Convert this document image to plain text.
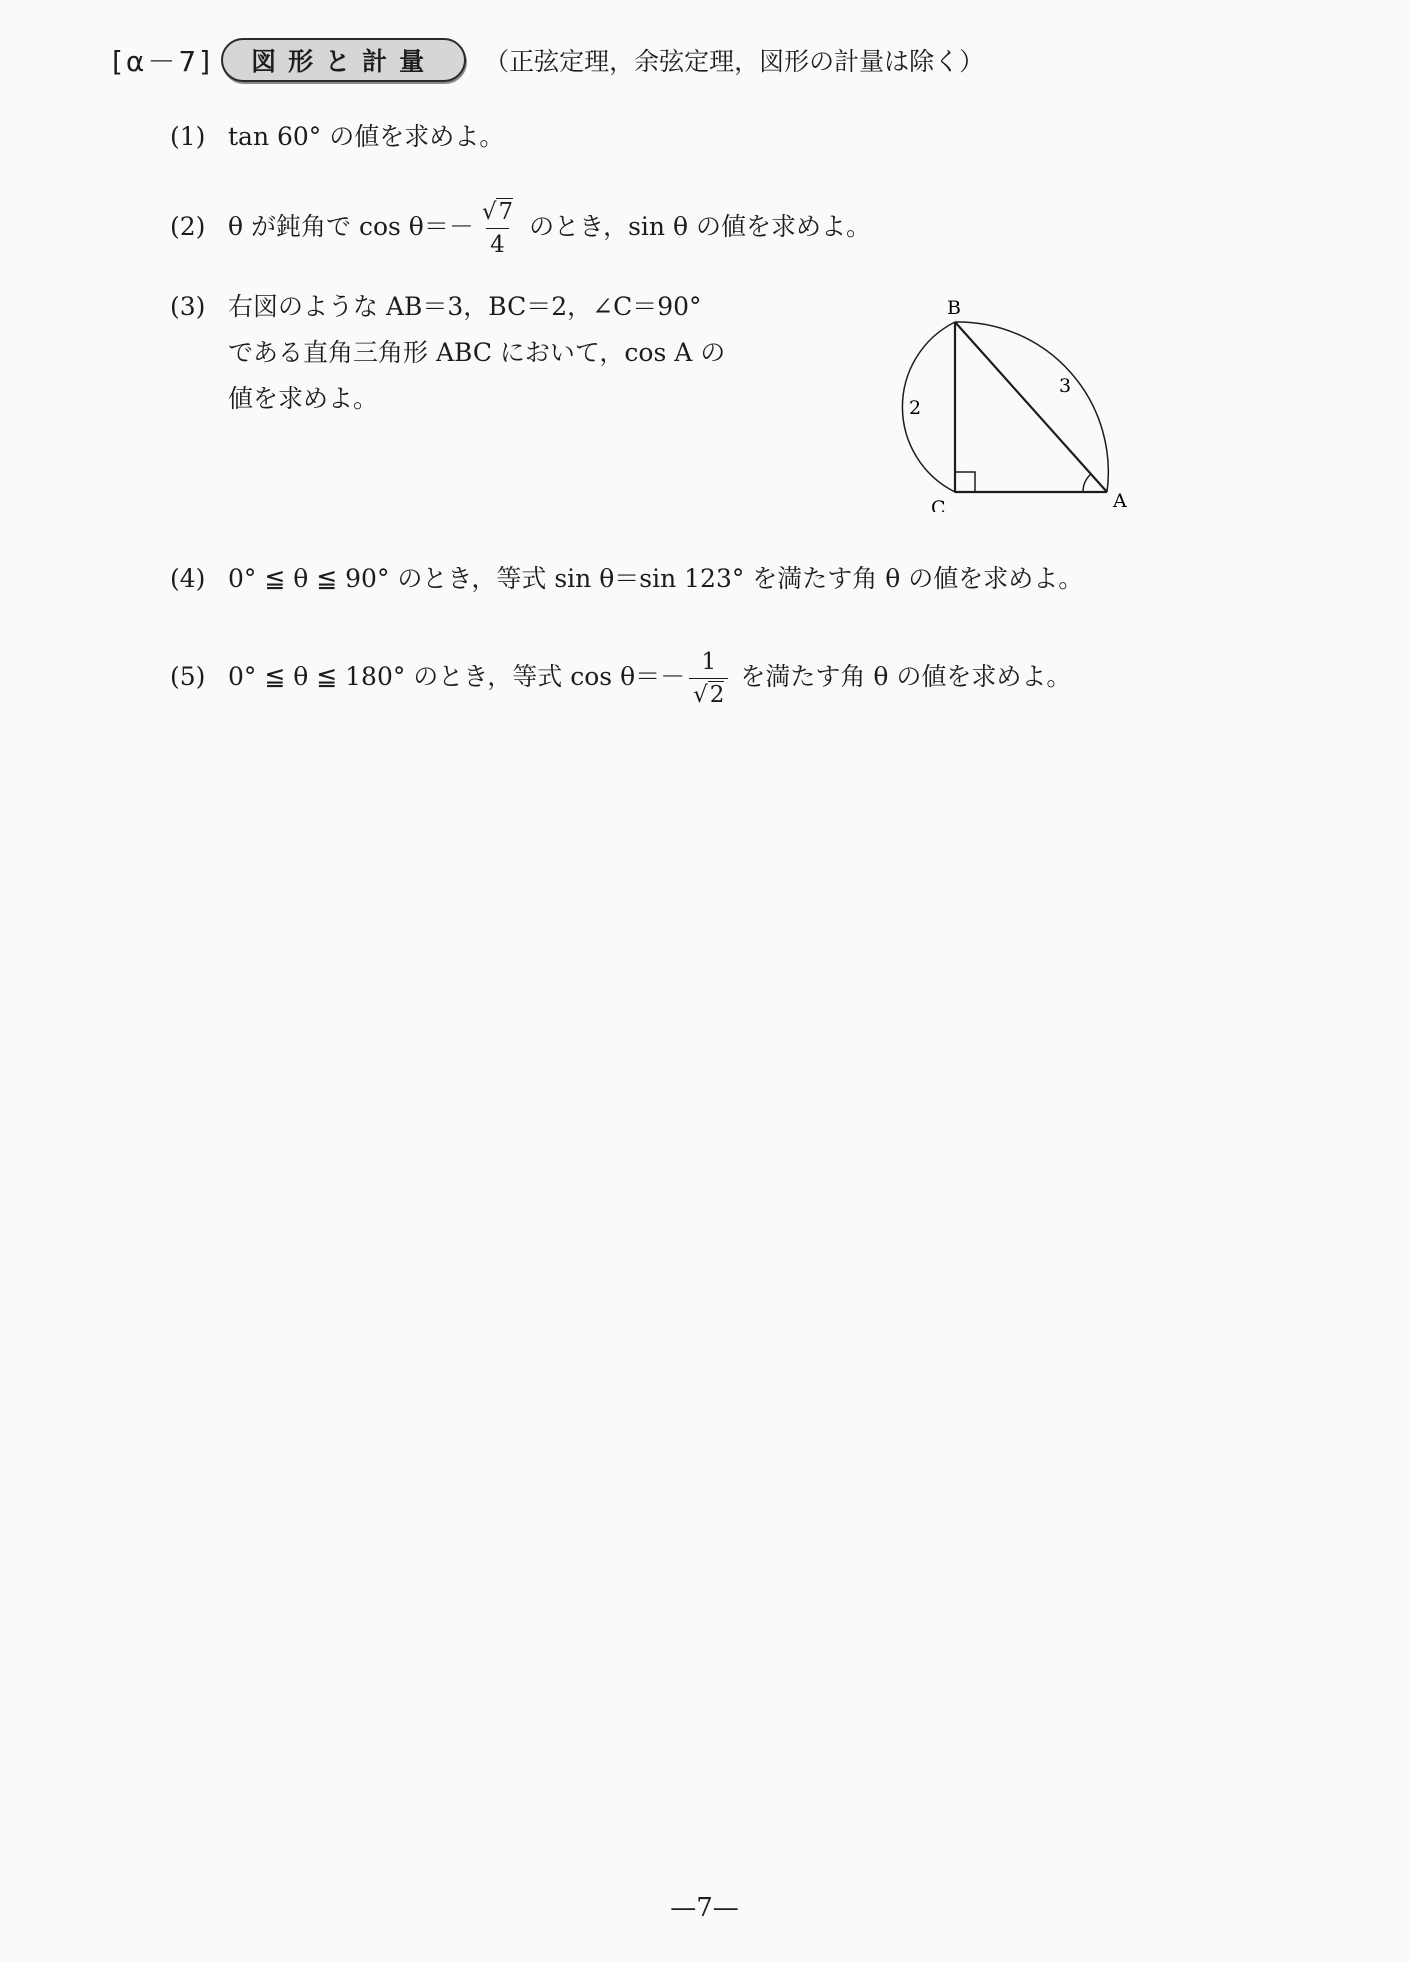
[α－7]	図形と計量	（正弦定理，余弦定理，図形の計量は除く）
(1) tan 60° の値を求めよ。
(2) θ が鈍角で $\cos \theta=- \frac{√7}{4}$ のとき，sin θ の値を求めよ。
(3) 右図のような AB＝3，BC＝2，∠C＝90°
である直角三角形 ABC において，cos A の
値を求めよ。
B
C	A
2
3
(4) 0° ≦ θ ≦ 90° のとき，等式 sin θ＝sin 123° を満たす角 θ の値を求めよ。
(5) 0° ≦ θ ≦ 180° のとき，等式 $\cos \theta=- \frac{1}{√2}$ を満たす角 θ の値を求めよ。
—7—
